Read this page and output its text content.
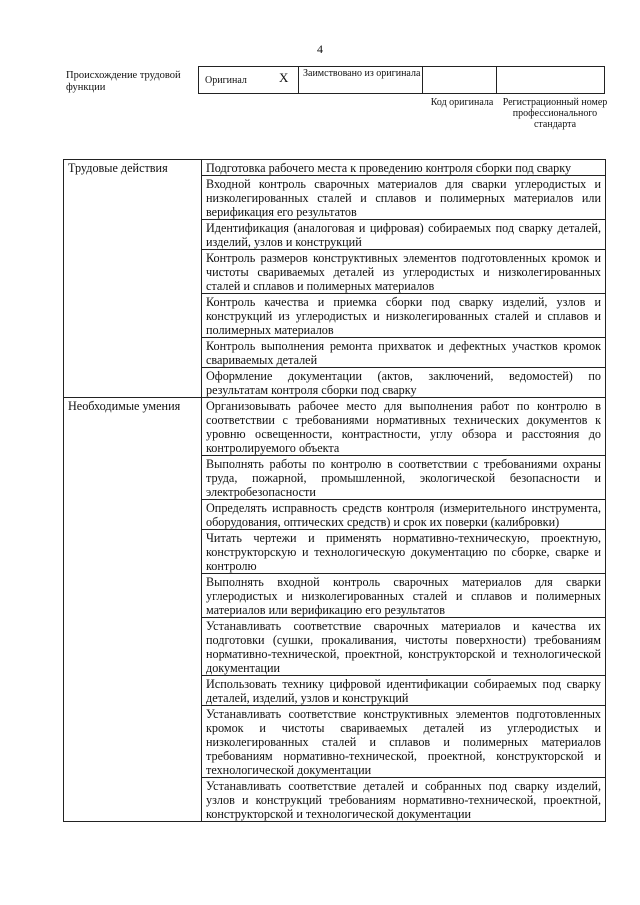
4
Происхождение трудовой функции
Оригинал X	Заимствовано из оригинала
Код оригинала Регистрационный номер профессионального стандарта
Трудовые действия	Подготовка рабочего места к проведению контроля сборки под сварку
	Входной контроль сварочных материалов для сварки углеродистых и низколегированных сталей и сплавов и полимерных материалов или верификация его результатов
	Идентификация (аналоговая и цифровая) собираемых под сварку деталей, изделий, узлов и конструкций
	Контроль размеров конструктивных элементов подготовленных кромок и чистоты свариваемых деталей из углеродистых и низколегированных сталей и сплавов и полимерных материалов
	Контроль качества и приемка сборки под сварку изделий, узлов и конструкций из углеродистых и низколегированных сталей и сплавов и полимерных материалов
	Контроль выполнения ремонта прихваток и дефектных участков кромок свариваемых деталей
	Оформление документации (актов, заключений, ведомостей) по результатам контроля сборки под сварку
Необходимые умения	Организовывать рабочее место для выполнения работ по контролю в соответствии с требованиями нормативных технических документов к уровню освещенности, контрастности, углу обзора и расстояния до контролируемого объекта
	Выполнять работы по контролю в соответствии с требованиями охраны труда, пожарной, промышленной, экологической безопасности и электробезопасности
	Определять исправность средств контроля (измерительного инструмента, оборудования, оптических средств) и срок их поверки (калибровки)
	Читать чертежи и применять нормативно-техническую, проектную, конструкторскую и технологическую документацию по сборке, сварке и контролю
	Выполнять входной контроль сварочных материалов для сварки углеродистых и низколегированных сталей и сплавов и полимерных материалов или верификацию его результатов
	Устанавливать соответствие сварочных материалов и качества их подготовки (сушки, прокаливания, чистоты поверхности) требованиям нормативно-технической, проектной, конструкторской и технологической документации
	Использовать технику цифровой идентификации собираемых под сварку деталей, изделий, узлов и конструкций
	Устанавливать соответствие конструктивных элементов подготовленных кромок и чистоты свариваемых деталей из углеродистых и низколегированных сталей и сплавов и полимерных материалов требованиям нормативно-технической, проектной, конструкторской и технологической документации
	Устанавливать соответствие деталей и собранных под сварку изделий, узлов и конструкций требованиям нормативно-технической, проектной, конструкторской и технологической документации
